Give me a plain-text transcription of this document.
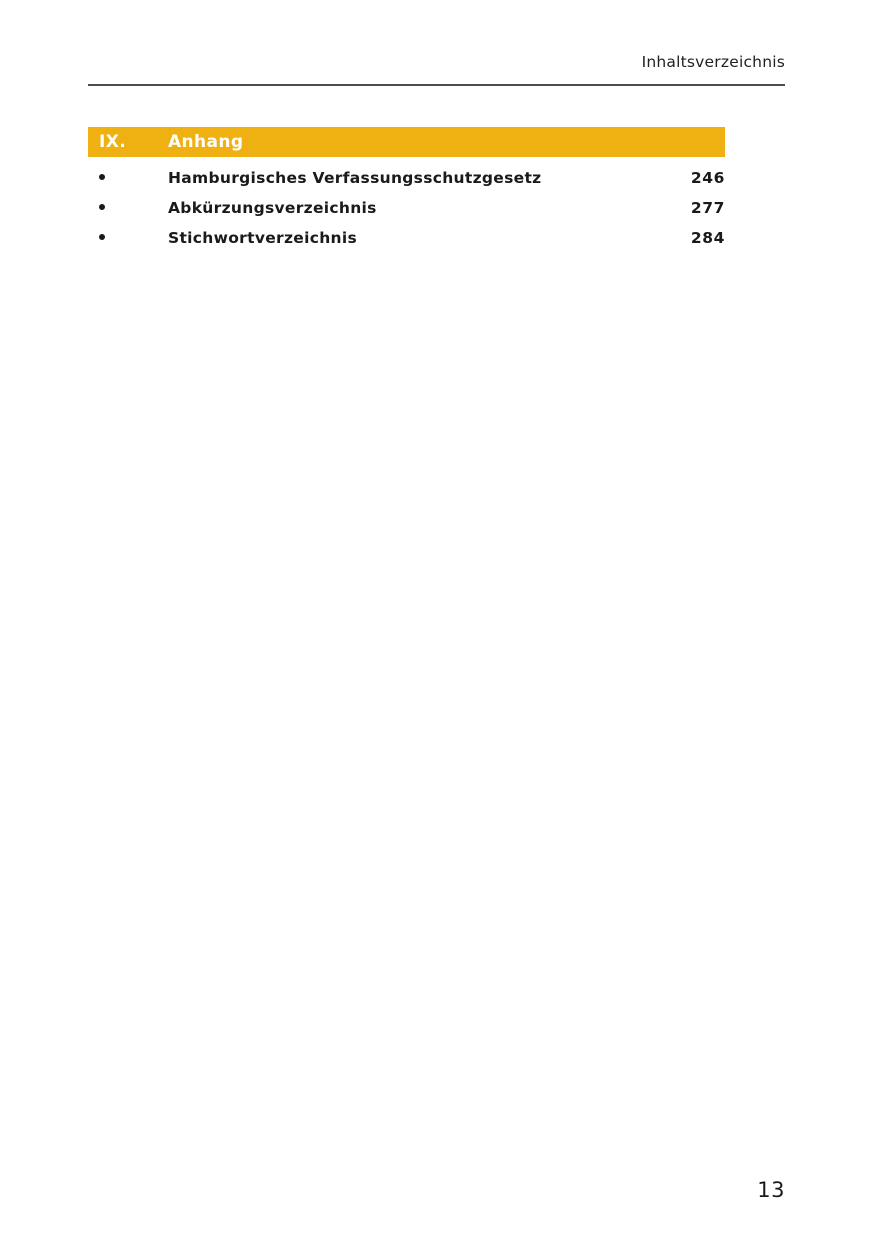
Inhaltsverzeichnis
IX.	Anhang
Hamburgisches Verfassungsschutzgesetz	246
Abkürzungsverzeichnis	277
Stichwortverzeichnis	284
13
